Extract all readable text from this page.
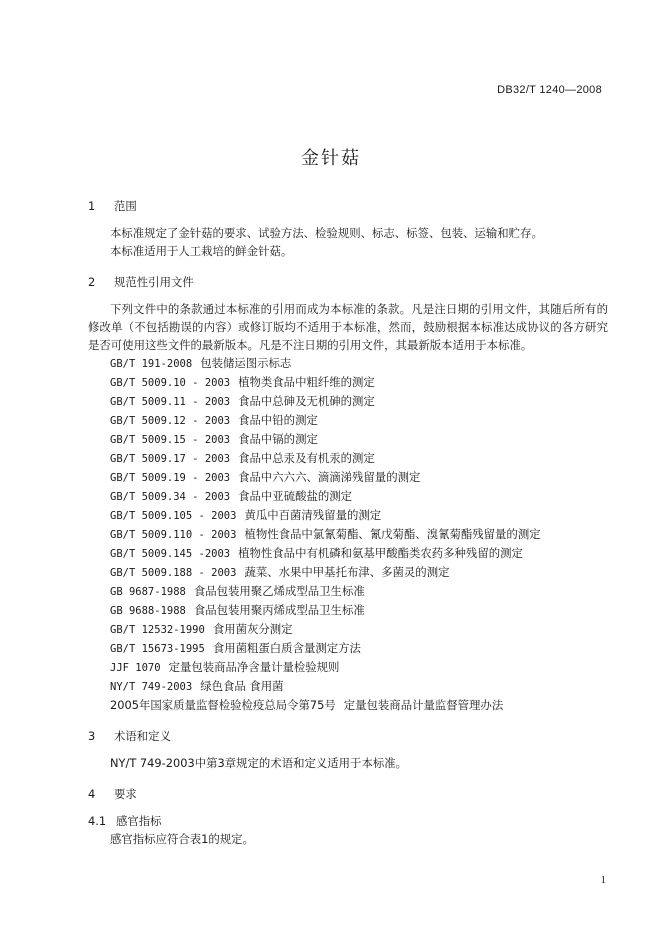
DB32/T 1240—2008
金针菇
1	范围
本标准规定了金针菇的要求、试验方法、检验规则、标志、标签、包装、运输和贮存。
本标准适用于人工栽培的鲜金针菇。
2	规范性引用文件
下列文件中的条款通过本标准的引用而成为本标准的条款。凡是注日期的引用文件，其随后所有的修改单（不包括勘误的内容）或修订版均不适用于本标准，然而，鼓励根据本标准达成协议的各方研究是否可使用这些文件的最新版本。凡是不注日期的引用文件，其最新版本适用于本标准。
GB/T 191-2008 包装储运图示标志
GB/T 5009.10 - 2003 植物类食品中粗纤维的测定
GB/T 5009.11 - 2003 食品中总砷及无机砷的测定
GB/T 5009.12 - 2003 食品中铅的测定
GB/T 5009.15 - 2003 食品中镉的测定
GB/T 5009.17 - 2003 食品中总汞及有机汞的测定
GB/T 5009.19 - 2003 食品中六六六、滴滴涕残留量的测定
GB/T 5009.34 - 2003 食品中亚硫酸盐的测定
GB/T 5009.105 - 2003 黄瓜中百菌清残留量的测定
GB/T 5009.110 - 2003 植物性食品中氯氰菊酯、氰戊菊酯、溴氰菊酯残留量的测定
GB/T 5009.145 -2003 植物性食品中有机磷和氨基甲酸酯类农药多种残留的测定
GB/T 5009.188 - 2003 蔬菜、水果中甲基托布津、多菌灵的测定
GB 9687-1988 食品包装用聚乙烯成型品卫生标准
GB 9688-1988 食品包装用聚丙烯成型品卫生标准
GB/T 12532-1990 食用菌灰分测定
GB/T 15673-1995 食用菌粗蛋白质含量测定方法
JJF 1070 定量包装商品净含量计量检验规则
NY/T 749-2003 绿色食品 食用菌
2005年国家质量监督检验检疫总局令第75号 定量包装商品计量监督管理办法
3	术语和定义
NY/T 749-2003中第3章规定的术语和定义适用于本标准。
4	要求
4.1 感官指标
感官指标应符合表1的规定。
1
